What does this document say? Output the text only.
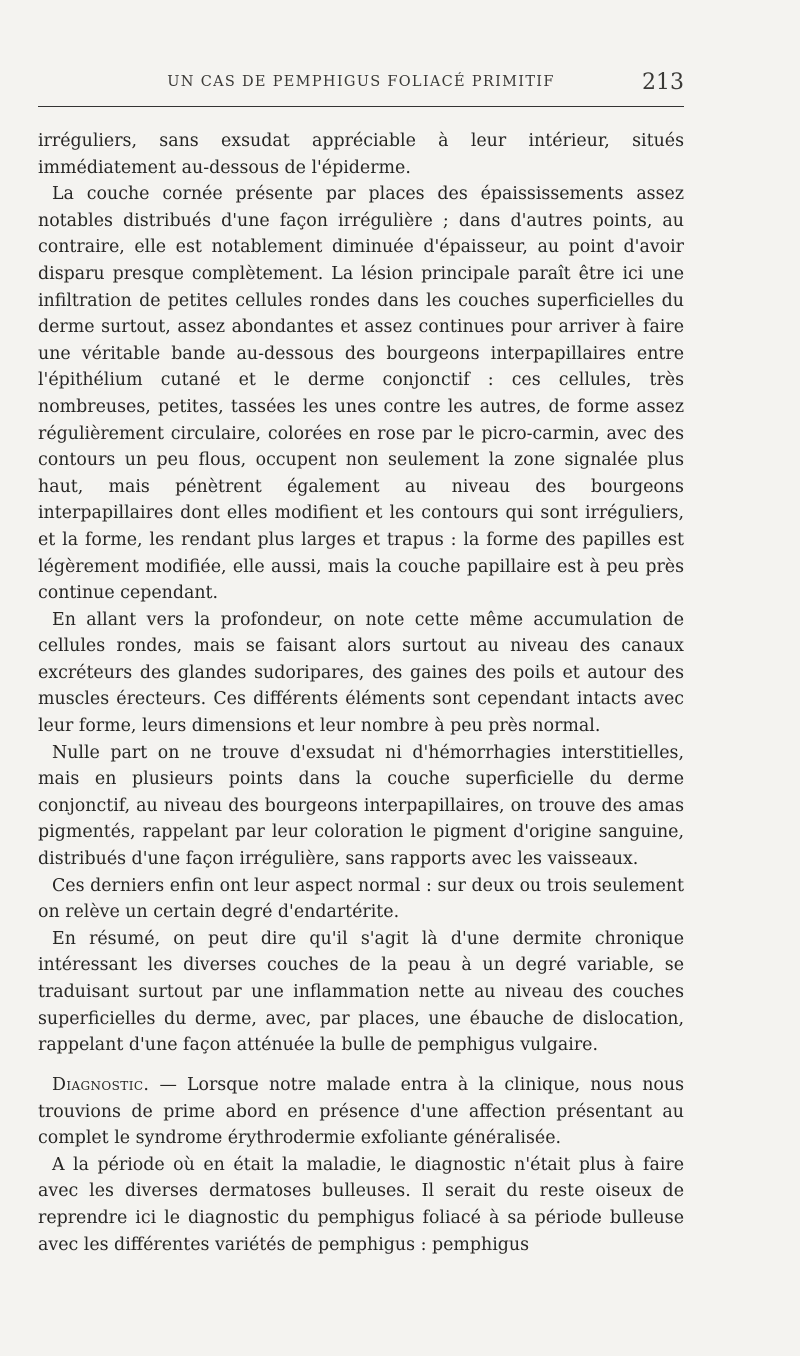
UN CAS DE PEMPHIGUS FOLIACÉ PRIMITIF	213

irréguliers, sans exsudat appréciable à leur intérieur, situés immédiatement au-dessous de l'épiderme.

La couche cornée présente par places des épaississements assez notables distribués d'une façon irrégulière ; dans d'autres points, au contraire, elle est notablement diminuée d'épaisseur, au point d'avoir disparu presque complètement. La lésion principale paraît être ici une infiltration de petites cellules rondes dans les couches superficielles du derme surtout, assez abondantes et assez continues pour arriver à faire une véritable bande au-dessous des bourgeons interpapillaires entre l'épithélium cutané et le derme conjonctif : ces cellules, très nombreuses, petites, tassées les unes contre les autres, de forme assez régulièrement circulaire, colorées en rose par le picro-carmin, avec des contours un peu flous, occupent non seulement la zone signalée plus haut, mais pénètrent également au niveau des bourgeons interpapillaires dont elles modifient et les contours qui sont irréguliers, et la forme, les rendant plus larges et trapus : la forme des papilles est légèrement modifiée, elle aussi, mais la couche papillaire est à peu près continue cependant.

En allant vers la profondeur, on note cette même accumulation de cellules rondes, mais se faisant alors surtout au niveau des canaux excréteurs des glandes sudoripares, des gaines des poils et autour des muscles érecteurs. Ces différents éléments sont cependant intacts avec leur forme, leurs dimensions et leur nombre à peu près normal.

Nulle part on ne trouve d'exsudat ni d'hémorrhagies interstitielles, mais en plusieurs points dans la couche superficielle du derme conjonctif, au niveau des bourgeons interpapillaires, on trouve des amas pigmentés, rappelant par leur coloration le pigment d'origine sanguine, distribués d'une façon irrégulière, sans rapports avec les vaisseaux.

Ces derniers enfin ont leur aspect normal : sur deux ou trois seulement on relève un certain degré d'endartérite.

En résumé, on peut dire qu'il s'agit là d'une dermite chronique intéressant les diverses couches de la peau à un degré variable, se traduisant surtout par une inflammation nette au niveau des couches superficielles du derme, avec, par places, une ébauche de dislocation, rappelant d'une façon atténuée la bulle de pemphigus vulgaire.

Diagnostic. — Lorsque notre malade entra à la clinique, nous nous trouvions de prime abord en présence d'une affection présentant au complet le syndrome érythrodermie exfoliante généralisée.

A la période où en était la maladie, le diagnostic n'était plus à faire avec les diverses dermatoses bulleuses. Il serait du reste oiseux de reprendre ici le diagnostic du pemphigus foliacé à sa période bulleuse avec les différentes variétés de pemphigus : pemphigus
